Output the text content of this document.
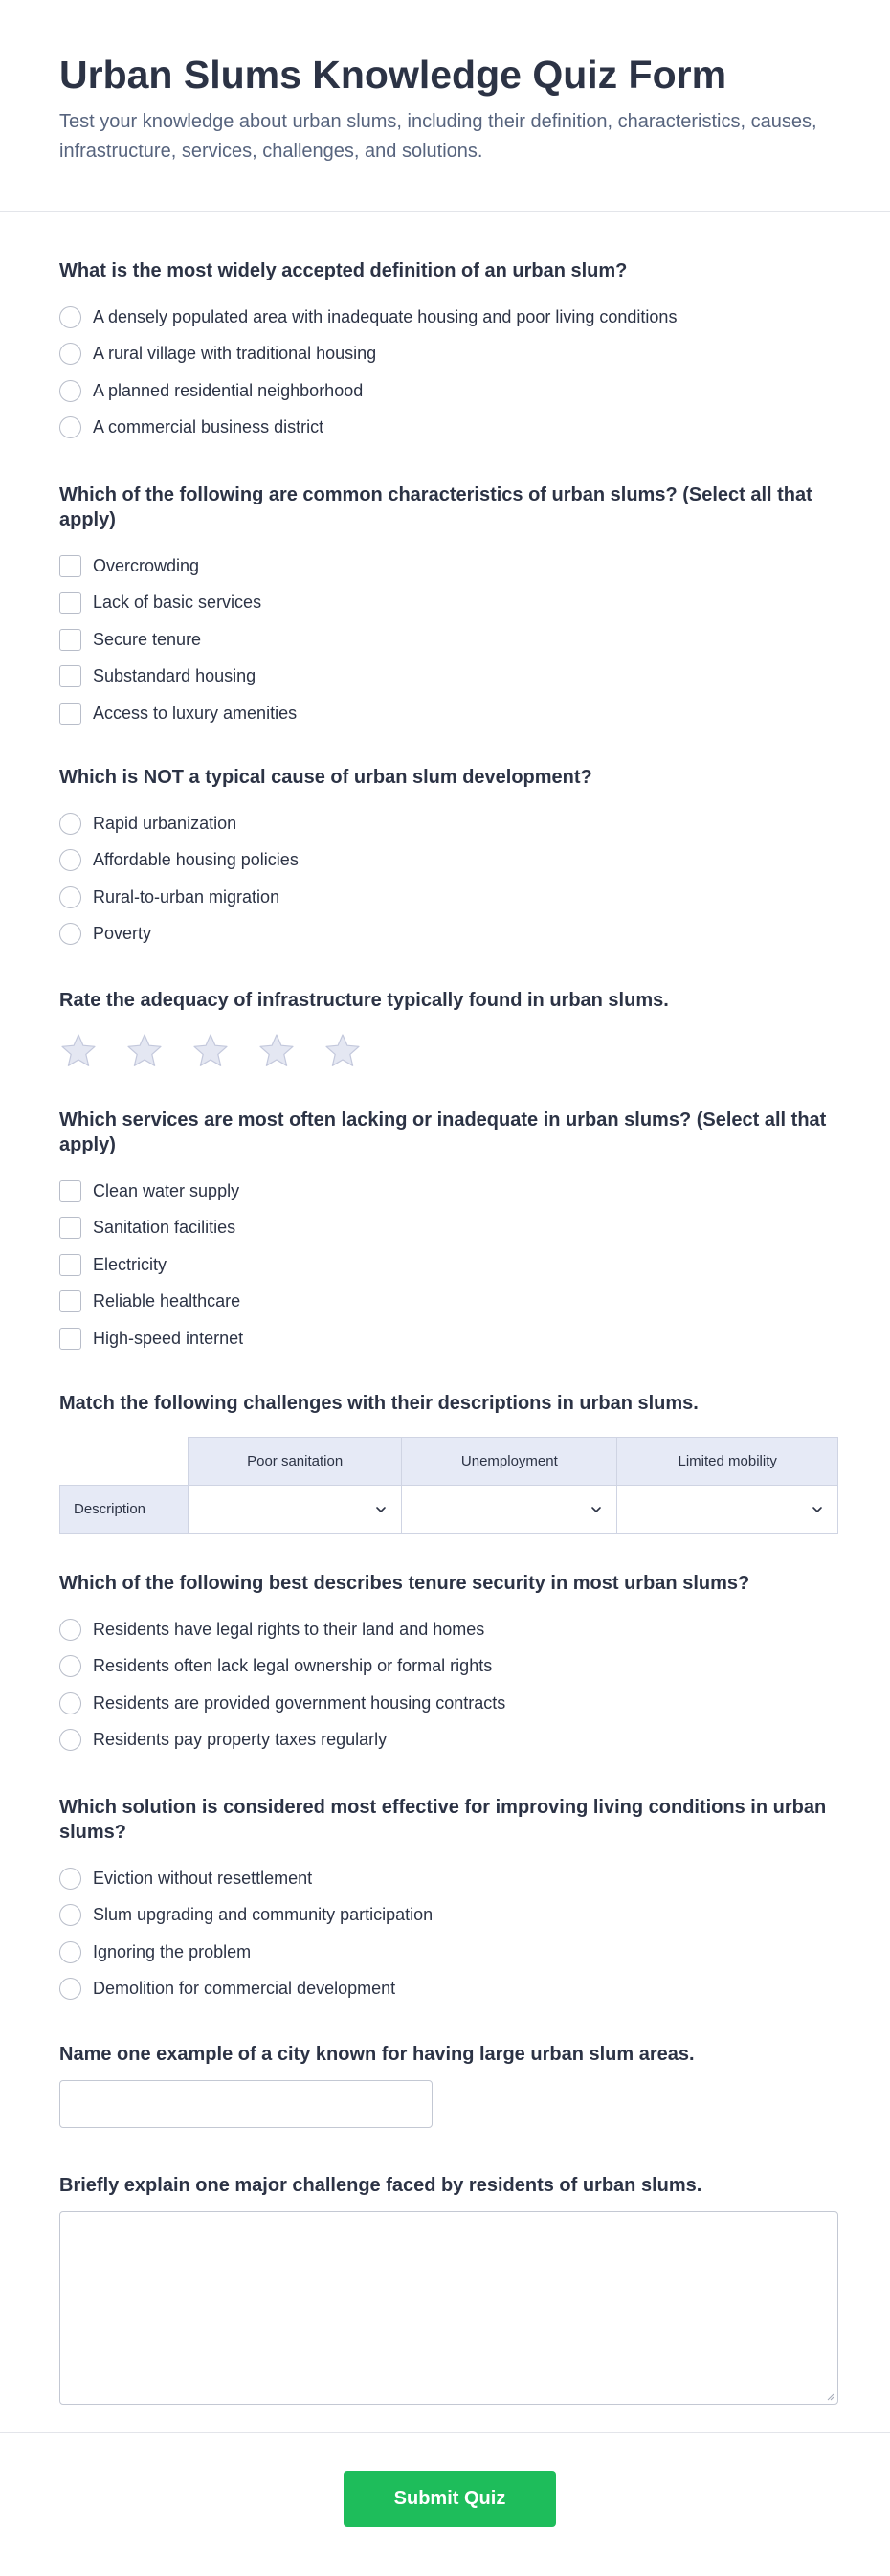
Urban Slums Knowledge Quiz Form

Test your knowledge about urban slums, including their definition, characteristics, causes, infrastructure, services, challenges, and solutions.

What is the most widely accepted definition of an urban slum?
A densely populated area with inadequate housing and poor living conditions
A rural village with traditional housing
A planned residential neighborhood
A commercial business district
Which of the following are common characteristics of urban slums? (Select all that apply)
Overcrowding
Lack of basic services
Secure tenure
Substandard housing
Access to luxury amenities
Which is NOT a typical cause of urban slum development?
Rapid urbanization
Affordable housing policies
Rural-to-urban migration
Poverty
Rate the adequacy of infrastructure typically found in urban slums.
Which services are most often lacking or inadequate in urban slums? (Select all that apply)
Clean water supply
Sanitation facilities
Electricity
Reliable healthcare
High-speed internet
Match the following challenges with their descriptions in urban slums.
	Poor sanitation	Unemployment	Limited mobility
Description	

Which of the following best describes tenure security in most urban slums?
Residents have legal rights to their land and homes
Residents often lack legal ownership or formal rights
Residents are provided government housing contracts
Residents pay property taxes regularly
Which solution is considered most effective for improving living conditions in urban slums?
Eviction without resettlement
Slum upgrading and community participation
Ignoring the problem
Demolition for commercial development
Name one example of a city known for having large urban slum areas.
Briefly explain one major challenge faced by residents of urban slums.
Submit Quiz
